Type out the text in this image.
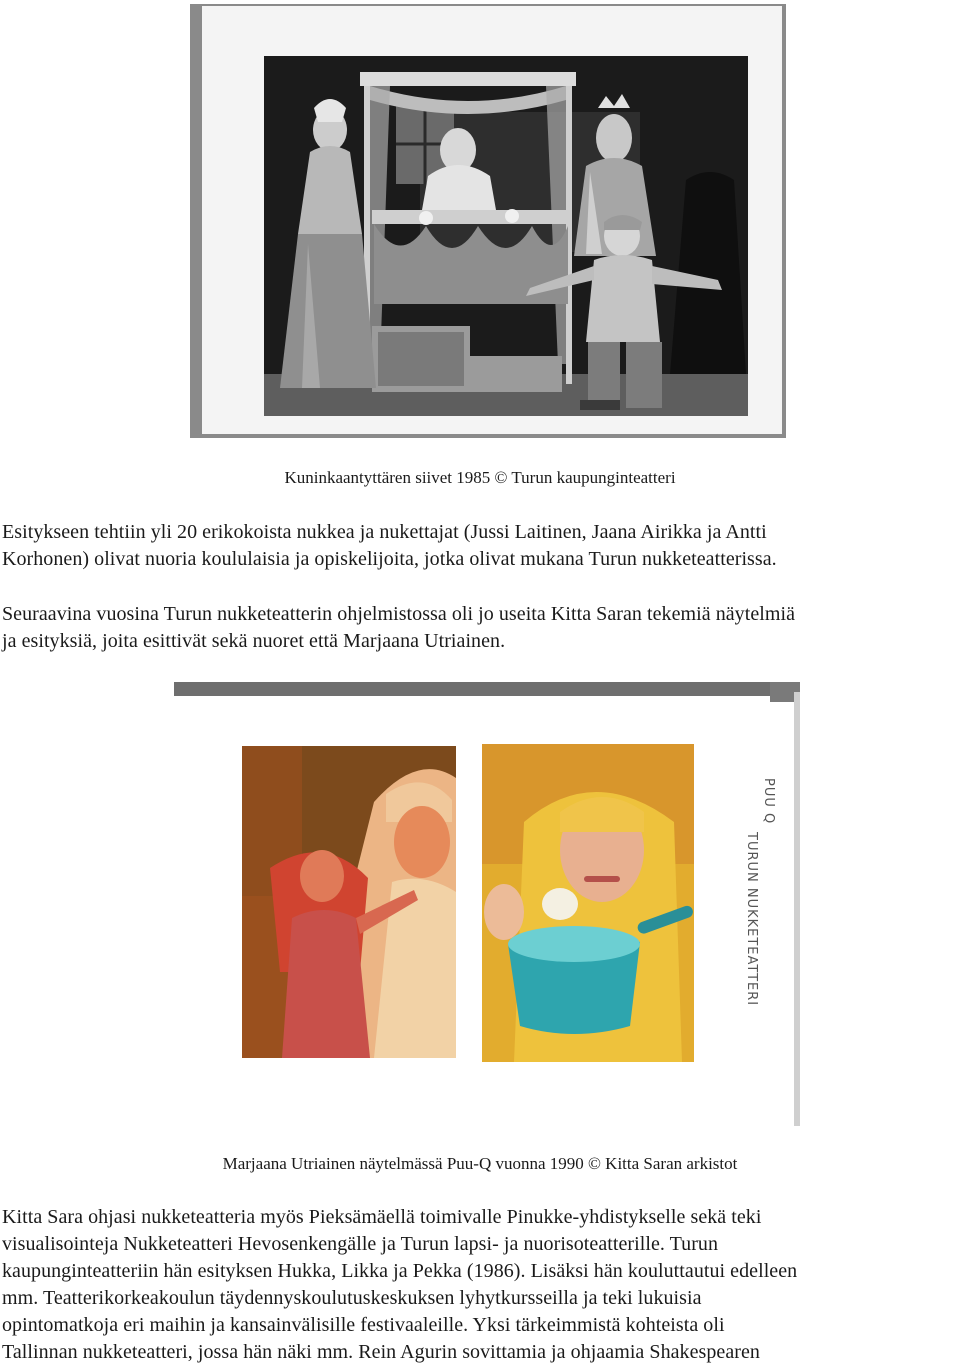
Kuninkaantyttären siivet 1985 © Turun kaupunginteatteri

Esitykseen tehtiin yli 20 erikokoista nukkea ja nukettajat (Jussi Laitinen, Jaana Airikka ja Antti
Korhonen) olivat nuoria koululaisia ja opiskelijoita, jotka olivat mukana Turun nukketeatterissa.

Seuraavina vuosina Turun nukketeatterin ohjelmistossa oli jo useita Kitta Saran tekemiä näytelmiä
ja esityksiä, joita esittivät sekä nuoret että Marjaana Utriainen.

PUU Q
TURUN NUKKETEATTERI
Marjaana Utriainen näytelmässä Puu-Q vuonna 1990 © Kitta Saran arkistot

Kitta Sara ohjasi nukketeatteria myös Pieksämäellä toimivalle Pinukke-yhdistykselle sekä teki
visualisointeja Nukketeatteri Hevosenkengälle ja Turun lapsi- ja nuorisoteatterille. Turun
kaupunginteatteriin hän esityksen Hukka, Likka ja Pekka (1986). Lisäksi hän kouluttautui edelleen
mm. Teatterikorkeakoulun täydennyskoulutuskeskuksen lyhytkursseilla ja teki lukuisia
opintomatkoja eri maihin ja kansainvälisille festivaaleille. Yksi tärkeimmistä kohteista oli
Tallinnan nukketeatteri, jossa hän näki mm. Rein Agurin sovittamia ja ohjaamia Shakespearen
